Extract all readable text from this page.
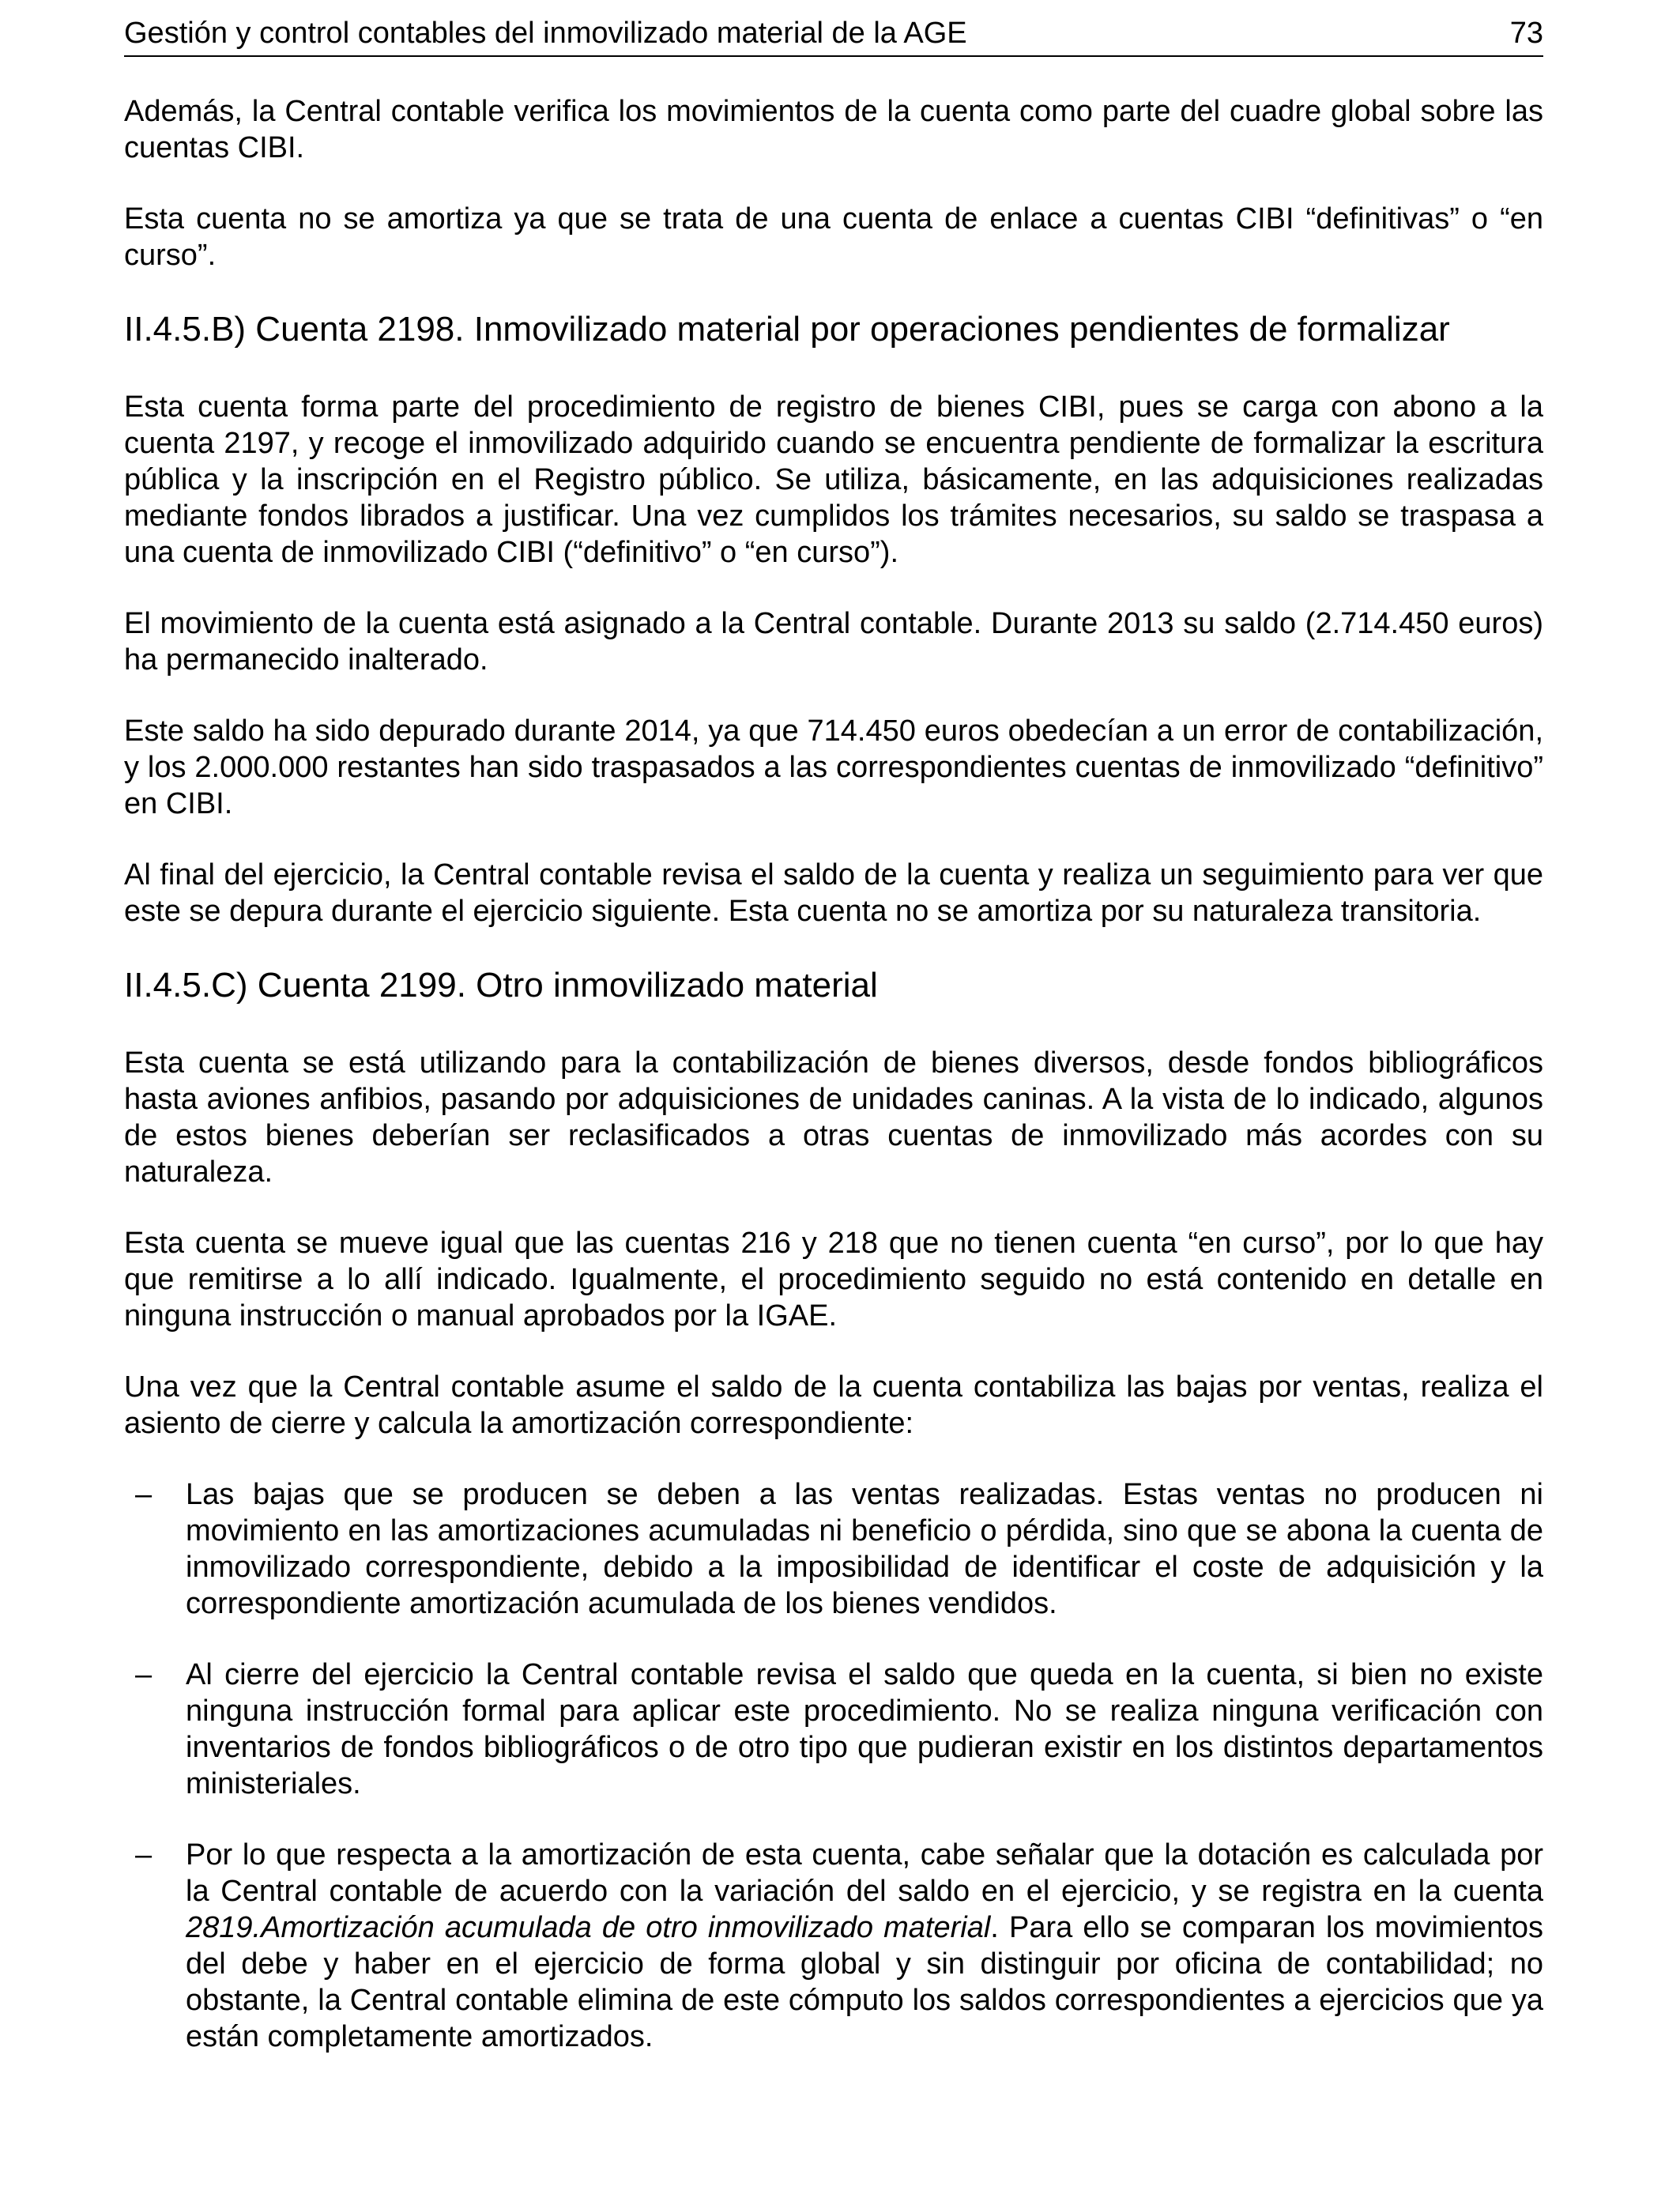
Gestión y control contables del inmovilizado material de la AGE	73

Además, la Central contable verifica los movimientos de la cuenta como parte del cuadre global sobre las cuentas CIBI.

Esta cuenta no se amortiza ya que se trata de una cuenta de enlace a cuentas CIBI “definitivas” o “en curso”.

II.4.5.B) Cuenta 2198. Inmovilizado material por operaciones pendientes de formalizar

Esta cuenta forma parte del procedimiento de registro de bienes CIBI, pues se carga con abono a la cuenta 2197, y recoge el inmovilizado adquirido cuando se encuentra pendiente de formalizar la escritura pública y la inscripción en el Registro público. Se utiliza, básicamente, en las adquisiciones realizadas mediante fondos librados a justificar. Una vez cumplidos los trámites necesarios, su saldo se traspasa a una cuenta de inmovilizado CIBI (“definitivo” o “en curso”).

El movimiento de la cuenta está asignado a la Central contable. Durante 2013 su saldo (2.714.450 euros) ha permanecido inalterado.

Este saldo ha sido depurado durante 2014, ya que 714.450 euros obedecían a un error de contabilización, y los 2.000.000 restantes han sido traspasados a las correspondientes cuentas de inmovilizado “definitivo” en CIBI.

Al final del ejercicio, la Central contable revisa el saldo de la cuenta y realiza un seguimiento para ver que este se depura durante el ejercicio siguiente. Esta cuenta no se amortiza por su naturaleza transitoria.

II.4.5.C) Cuenta 2199. Otro inmovilizado material

Esta cuenta se está utilizando para la contabilización de bienes diversos, desde fondos bibliográficos hasta aviones anfibios, pasando por adquisiciones de unidades caninas. A la vista de lo indicado, algunos de estos bienes deberían ser reclasificados a otras cuentas de inmovilizado más acordes con su naturaleza.

Esta cuenta se mueve igual que las cuentas 216 y 218 que no tienen cuenta “en curso”, por lo que hay que remitirse a lo allí indicado. Igualmente, el procedimiento seguido no está contenido en detalle en ninguna instrucción o manual aprobados por la IGAE.

Una vez que la Central contable asume el saldo de la cuenta contabiliza las bajas por ventas, realiza el asiento de cierre y calcula la amortización correspondiente:

– Las bajas que se producen se deben a las ventas realizadas. Estas ventas no producen ni movimiento en las amortizaciones acumuladas ni beneficio o pérdida, sino que se abona la cuenta de inmovilizado correspondiente, debido a la imposibilidad de identificar el coste de adquisición y la correspondiente amortización acumulada de los bienes vendidos.
– Al cierre del ejercicio la Central contable revisa el saldo que queda en la cuenta, si bien no existe ninguna instrucción formal para aplicar este procedimiento. No se realiza ninguna verificación con inventarios de fondos bibliográficos o de otro tipo que pudieran existir en los distintos departamentos ministeriales.
– Por lo que respecta a la amortización de esta cuenta, cabe señalar que la dotación es calculada por la Central contable de acuerdo con la variación del saldo en el ejercicio, y se registra en la cuenta 2819.Amortización acumulada de otro inmovilizado material. Para ello se comparan los movimientos del debe y haber en el ejercicio de forma global y sin distinguir por oficina de contabilidad; no obstante, la Central contable elimina de este cómputo los saldos correspondientes a ejercicios que ya están completamente amortizados.
